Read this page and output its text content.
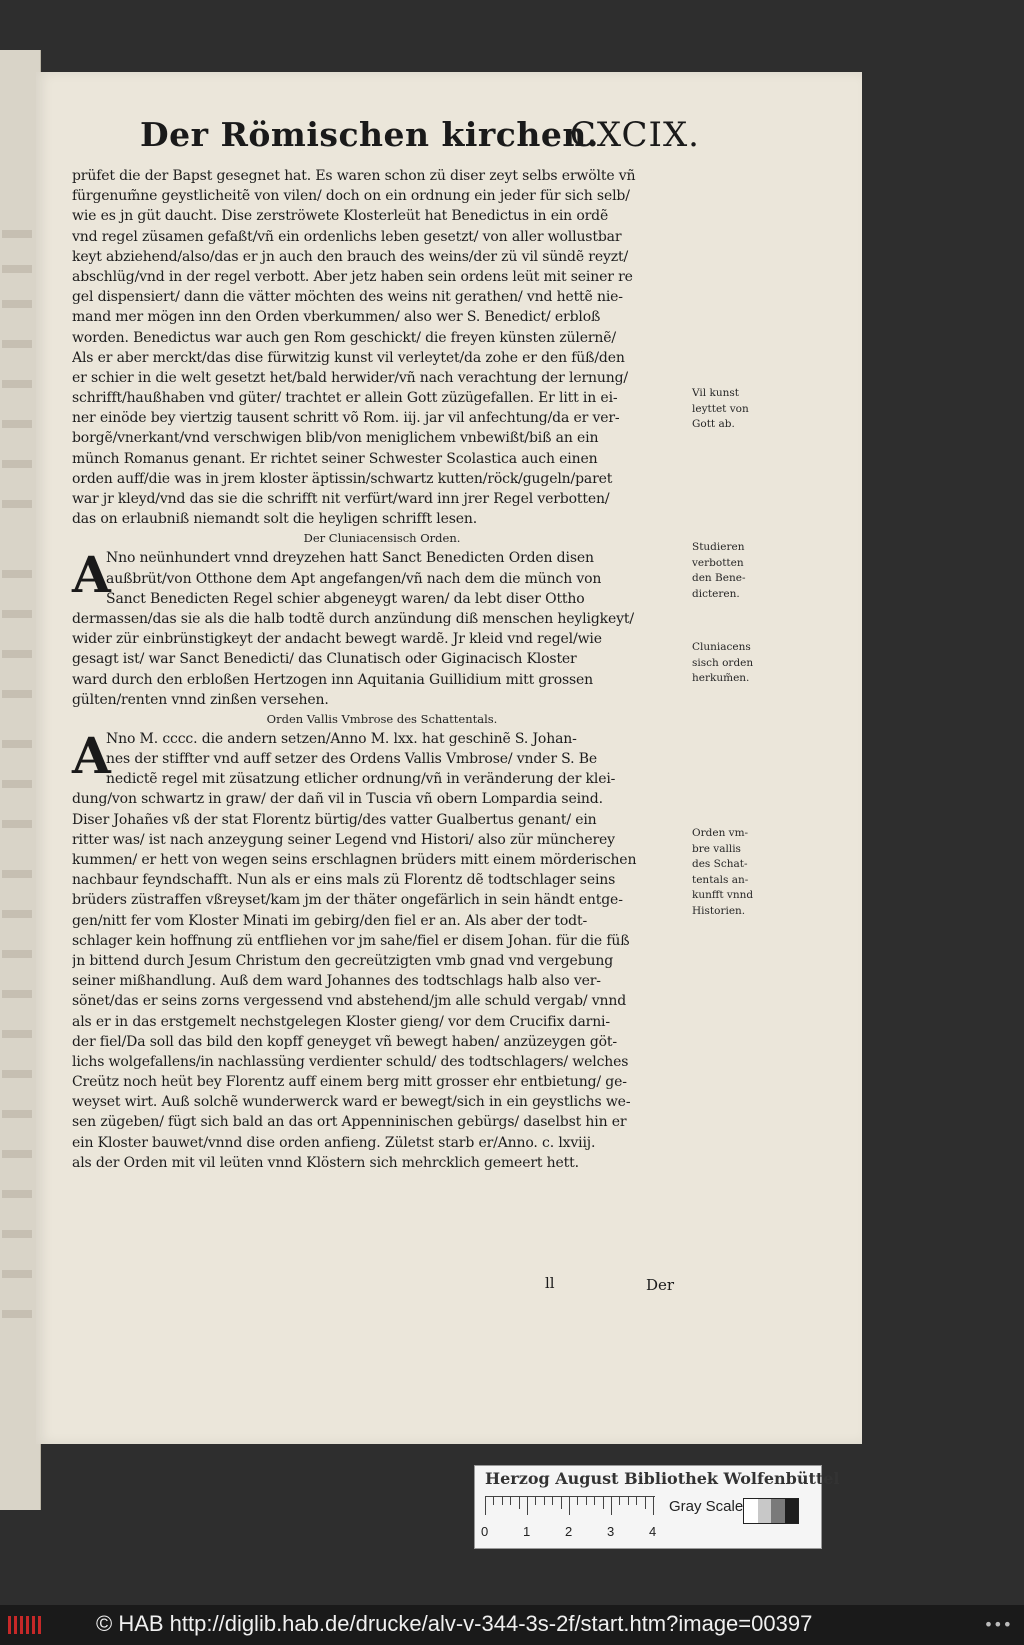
Der Römischen kirchen.
CXCIX.
prüfet die der Bapst gesegnet hat. Es waren schon zü diser zeyt selbs erwölte vñ
fürgenum̃ne geystlicheitẽ von vilen/ doch on ein ordnung ein jeder für sich selb/
wie es jn güt daucht. Dise zerströwete Klosterleüt hat Benedictus in ein ordẽ
vnd regel züsamen gefaßt/vñ ein ordenlichs leben gesetzt/ von aller wollustbar
keyt abziehend/also/das er jn auch den brauch des weins/der zü vil sündẽ reyzt/
abschlüg/vnd in der regel verbott. Aber jetz haben sein ordens leüt mit seiner re
gel dispensiert/ dann die vätter möchten des weins nit gerathen/ vnd hettẽ nie-
mand mer mögen inn den Orden vberkummen/ also wer S. Benedict/ erbloß
worden. Benedictus war auch gen Rom geschickt/ die freyen künsten zülernẽ/
Als er aber merckt/das dise fürwitzig kunst vil verleytet/da zohe er den füß/den
er schier in die welt gesetzt het/bald herwider/vñ nach verachtung der lernung/
schrifft/haußhaben vnd güter/ trachtet er allein Gott züzügefallen. Er litt in ei-
ner einöde bey viertzig tausent schritt võ Rom. iij. jar vil anfechtung/da er ver-
borgẽ/vnerkant/vnd verschwigen blib/von meniglichem vnbewißt/biß an ein
münch Romanus genant. Er richtet seiner Schwester Scolastica auch einen
orden auff/die was in jrem kloster äptissin/schwartz kutten/röck/gugeln/paret
war jr kleyd/vnd das sie die schrifft nit verfürt/ward inn jrer Regel verbotten/
das on erlaubniß niemandt solt die heyligen schrifft lesen.
Der Cluniacensisch Orden.
A
Nno neünhundert vnnd dreyzehen hatt Sanct Benedicten Orden disen
außbrüt/von Otthone dem Apt angefangen/vñ nach dem die münch von
Sanct Benedicten Regel schier abgeneygt waren/ da lebt diser Ottho
dermassen/das sie als die halb todtẽ durch anzündung diß menschen heyligkeyt/
wider zür einbrünstigkeyt der andacht bewegt wardẽ. Jr kleid vnd regel/wie
gesagt ist/ war Sanct Benedicti/ das Clunatisch oder Giginacisch Kloster
ward durch den erbloßen Hertzogen inn Aquitania Guillidium mitt grossen
gülten/renten vnnd zinßen versehen.
Orden Vallis Vmbrose des Schattentals.
A
Nno M. cccc. die andern setzen/Anno M. lxx. hat geschinẽ S. Johan-
nes der stiffter vnd auff setzer des Ordens Vallis Vmbrose/ vnder S. Be
nedictẽ regel mit züsatzung etlicher ordnung/vñ in veränderung der klei-
dung/von schwartz in graw/ der dañ vil in Tuscia vñ obern Lompardia seind.
Diser Johañes vß der stat Florentz bürtig/des vatter Gualbertus genant/ ein
ritter was/ ist nach anzeygung seiner Legend vnd Histori/ also zür müncherey
kummen/ er hett von wegen seins erschlagnen brüders mitt einem mörderischen
nachbaur feyndschafft. Nun als er eins mals zü Florentz dẽ todtschlager seins
brüders züstraffen vßreyset/kam jm der thäter ongefärlich in sein händt entge-
gen/nitt fer vom Kloster Minati im gebirg/den fiel er an. Als aber der todt-
schlager kein hoffnung zü entfliehen vor jm sahe/fiel er disem Johan. für die füß
jn bittend durch Jesum Christum den gecreützigten vmb gnad vnd vergebung
seiner mißhandlung. Auß dem ward Johannes des todtschlags halb also ver-
sönet/das er seins zorns vergessend vnd abstehend/jm alle schuld vergab/ vnnd
als er in das erstgemelt nechstgelegen Kloster gieng/ vor dem Crucifix darni-
der fiel/Da soll das bild den kopff geneyget vñ bewegt haben/ anzüzeygen göt-
lichs wolgefallens/in nachlassüng verdienter schuld/ des todtschlagers/ welches
Creütz noch heüt bey Florentz auff einem berg mitt grosser ehr entbietung/ ge-
weyset wirt. Auß solchẽ wunderwerck ward er bewegt/sich in ein geystlichs we-
sen zügeben/ fügt sich bald an das ort Appenninischen gebürgs/ daselbst hin er
ein Kloster bauwet/vnnd dise orden anfieng. Zületst starb er/Anno. c. lxviij.
als der Orden mit vil leüten vnnd Klöstern sich mehrcklich gemeert hett.
Vil kunst
leyttet von
Gott ab.
Studieren
verbotten
den Bene-
dicteren.
Cluniacens
sisch orden
herkum̃en.
Orden vm-
bre vallis
des Schat-
tentals an-
kunfft vnnd
Historien.
ll	Der
Herzog August Bibliothek Wolfenbüttel
0	1	2	3	4
Gray Scale
© HAB http://diglib.hab.de/drucke/alv-v-344-3s-2f/start.htm?image=00397	•••
